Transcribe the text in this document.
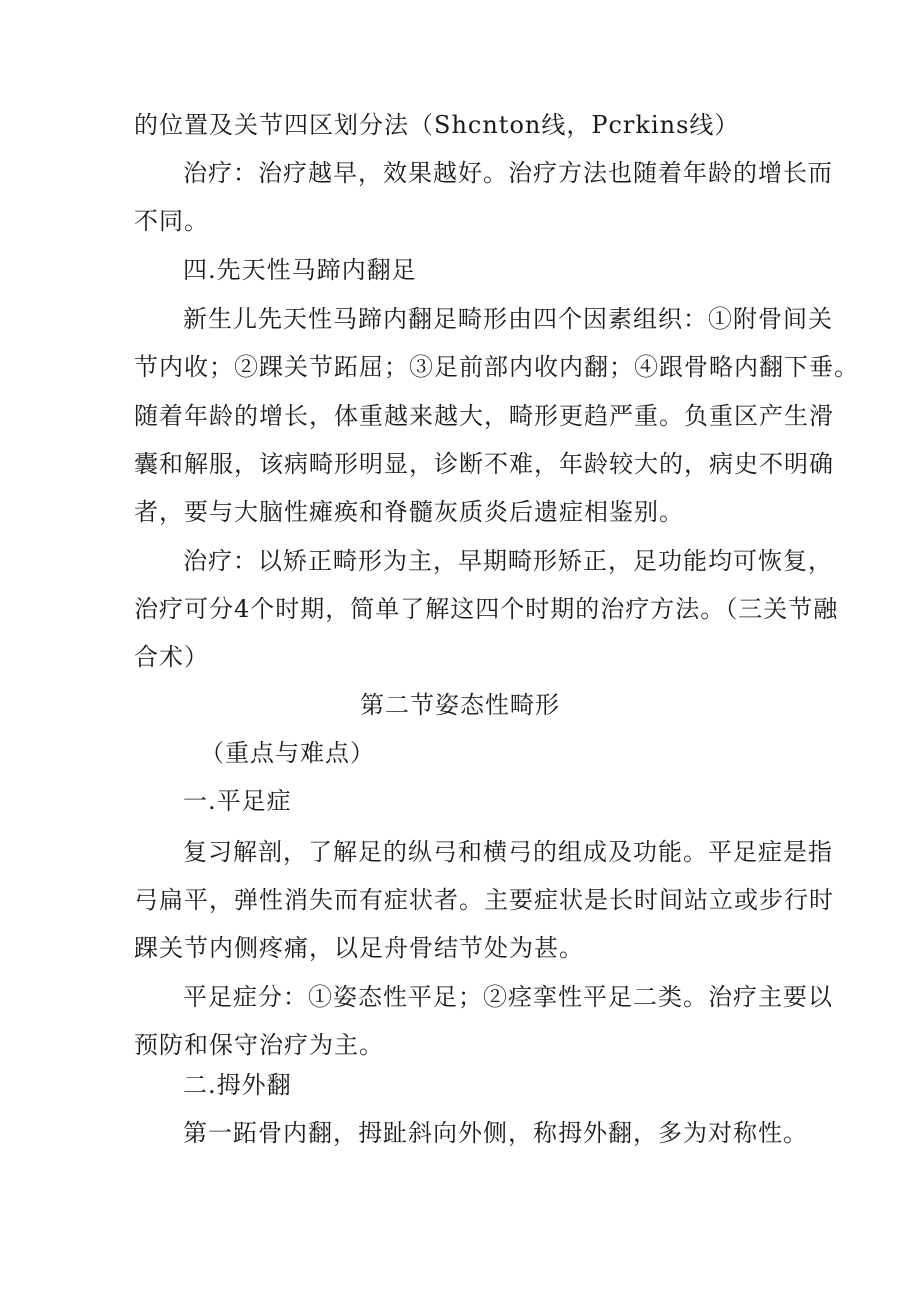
的位置及关节四区划分法（Shcnton线，Pcrkins线）
治疗：治疗越早，效果越好。治疗方法也随着年龄的增长而
不同。
四.先天性马蹄内翻足
新生儿先天性马蹄内翻足畸形由四个因素组织：①附骨间关
节内收；②踝关节跖屈；③足前部内收内翻；④跟骨略内翻下垂。
随着年龄的增长，体重越来越大，畸形更趋严重。负重区产生滑
囊和解服，该病畸形明显，诊断不难，年龄较大的，病史不明确
者，要与大脑性瘫痪和脊髓灰质炎后遗症相鉴别。
治疗：以矫正畸形为主，早期畸形矫正，足功能均可恢复，
治疗可分4个时期，简单了解这四个时期的治疗方法。（三关节融
合术）
第二节姿态性畸形
（重点与难点）
一.平足症
复习解剖，了解足的纵弓和横弓的组成及功能。平足症是指
弓扁平，弹性消失而有症状者。主要症状是长时间站立或步行时
踝关节内侧疼痛，以足舟骨结节处为甚。
平足症分：①姿态性平足；②痉挛性平足二类。治疗主要以
预防和保守治疗为主。
二.拇外翻
第一跖骨内翻，拇趾斜向外侧，称拇外翻，多为对称性。
